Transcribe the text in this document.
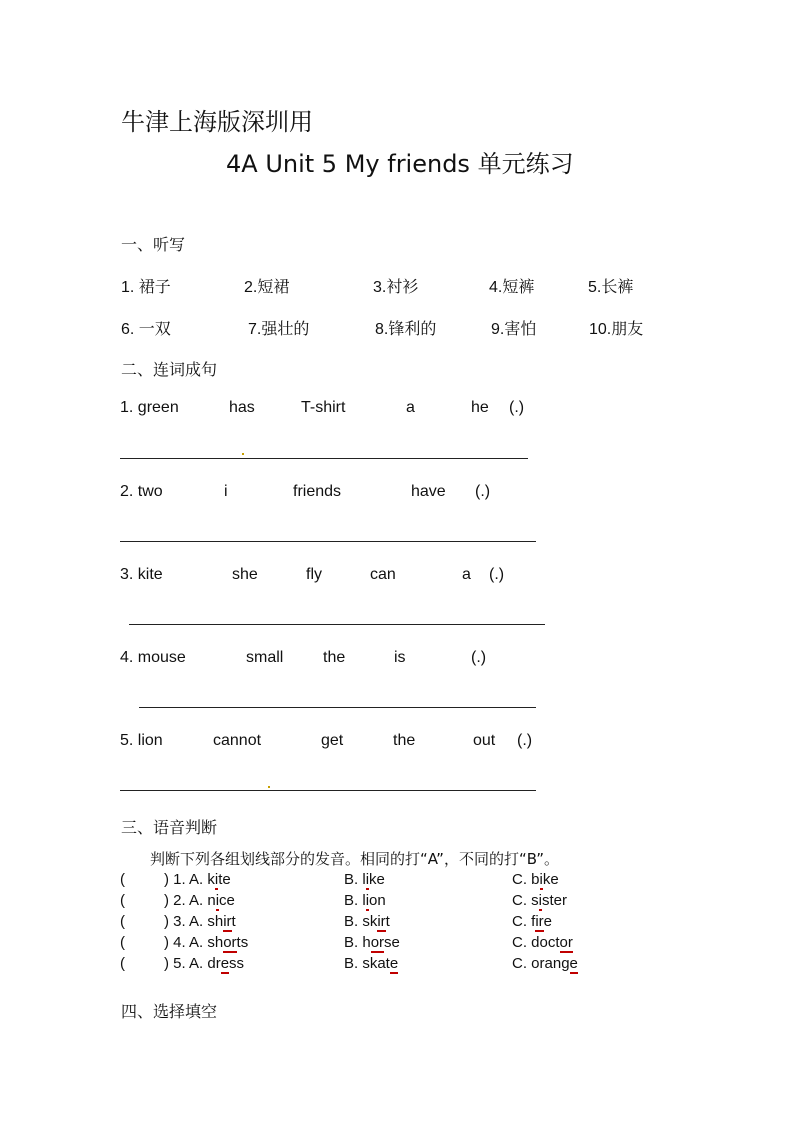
牛津上海版深圳用
4A Unit 5 My friends 单元练习
一、听写
1. 裙子	2.短裙	3.衬衫	4.短裤	5.长裤
6. 一双	7.强壮的	8.锋利的	9.害怕	10.朋友
二、连词成句
1. green	has	T-shirt	a	he (.)
2. two	i	friends	have (.)
3. kite	she	fly	can	a (.)
4. mouse	small the	is	(.)
5. lion	cannot	get	the	out (.)
三、语音判断
判断下列各组划线部分的发音。相同的打“A”，不同的打“B”。
(	) 1. A. kite	B. like	C. bike
(	) 2. A. nice	B. lion	C. sister
(	) 3. A. shirt	B. skirt	C. fire
(	) 4. A. shorts	B. horse	C. doctor
(	) 5. A. dress	B. skate	C. orange
四、选择填空
